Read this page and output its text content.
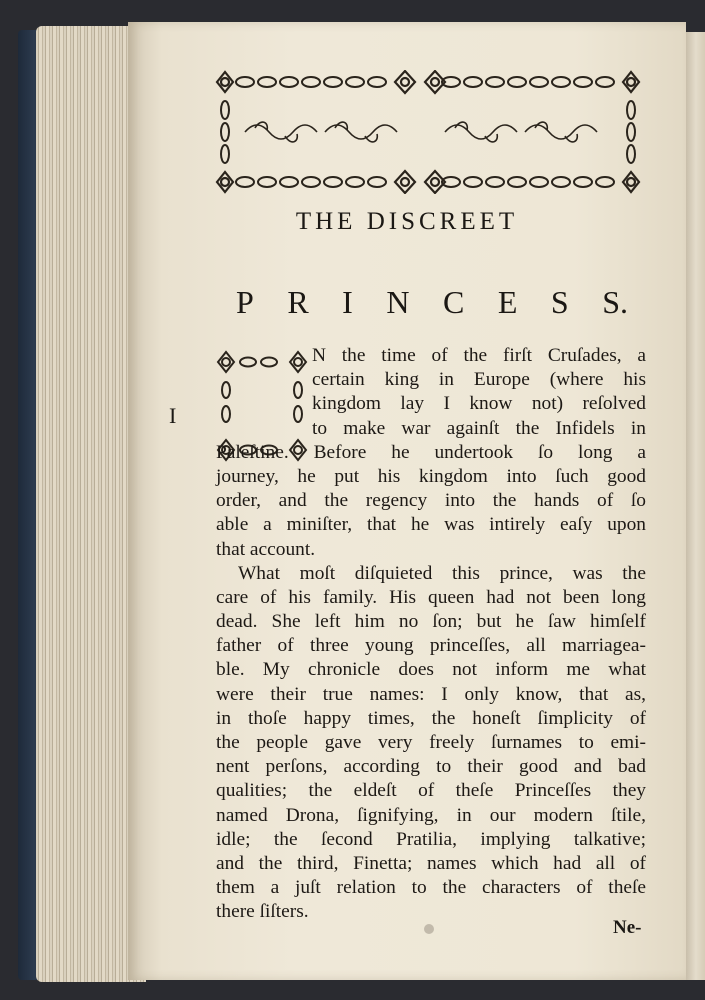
THE DISCREET
P R I N C E S S.
I
N the time of the firſt Cruſades, a
certain king in Europe (where his
kingdom lay I know not) reſolved
to make war againſt the Infidels in
Paleſtine. Before he undertook ſo long a
journey, he put his kingdom into ſuch good
order, and the regency into the hands of ſo
able a miniſter, that he was intirely eaſy upon
that account.
What moſt diſquieted this prince, was the
care of his family. His queen had not been long
dead. She left him no ſon; but he ſaw himſelf
father of three young princeſſes, all marriagea-
ble. My chronicle does not inform me what
were their true names: I only know, that as,
in thoſe happy times, the honeſt ſimplicity of
the people gave very freely ſurnames to emi-
nent perſons, according to their good and bad
qualities; the eldeſt of theſe Princeſſes they
named Drona, ſignifying, in our modern ſtile,
idle; the ſecond Pratilia, implying talkative;
and the third, Finetta; names which had all of
them a juſt relation to the characters of theſe
there ſiſters.
Ne-
